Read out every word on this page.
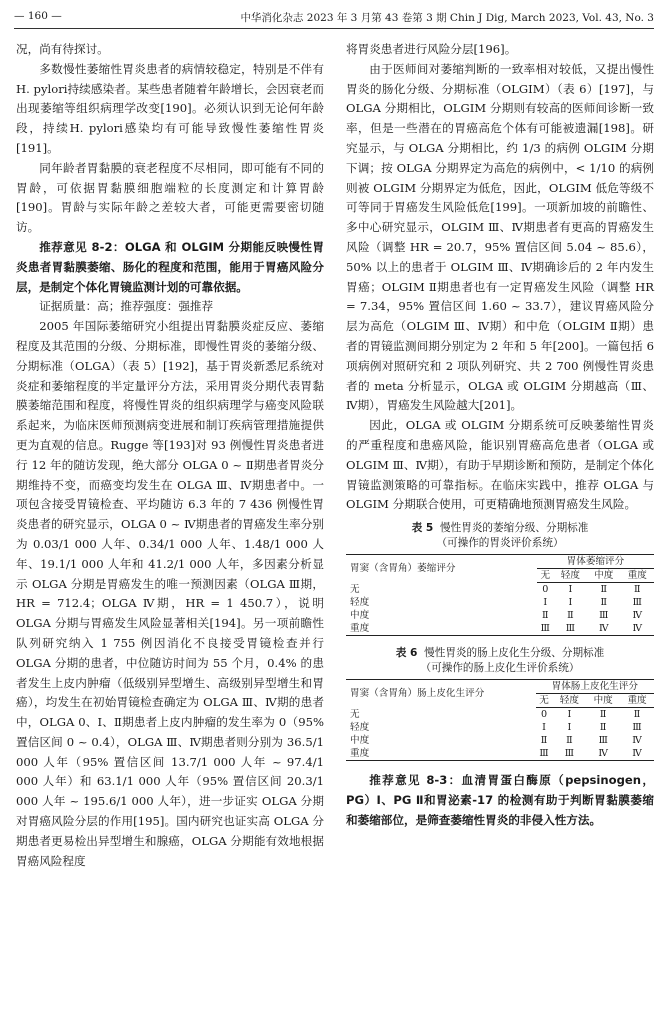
— 160 —	中华消化杂志 2023 年 3 月第 43 卷第 3 期 Chin J Dig, March 2023, Vol. 43, No. 3

况，尚有待探讨。

多数慢性萎缩性胃炎患者的病情较稳定，特别是不伴有H. pylori持续感染者。某些患者随着年龄增长，会因衰老而出现萎缩等组织病理学改变[190]。必须认识到无论何年龄段，持续H. pylori感染均有可能导致慢性萎缩性胃炎[191]。

同年龄者胃黏膜的衰老程度不尽相同，即可能有不同的胃龄，可依据胃黏膜细胞端粒的长度测定和计算胃龄[190]。胃龄与实际年龄之差较大者，可能更需要密切随访。

推荐意见 8-2：OLGA 和 OLGIM 分期能反映慢性胃炎患者胃黏膜萎缩、肠化的程度和范围，能用于胃癌风险分层，是制定个体化胃镜监测计划的可靠依据。

证据质量：高；推荐强度：强推荐

2005 年国际萎缩研究小组提出胃黏膜炎症反应、萎缩程度及其范围的分级、分期标准，即慢性胃炎的萎缩分级、分期标准（OLGA）（表 5）[192]，基于胃炎新悉尼系统对炎症和萎缩程度的半定量评分方法，采用胃炎分期代表胃黏膜萎缩范围和程度，将慢性胃炎的组织病理学与癌变风险联系起来，为临床医师预测病变进展和制订疾病管理措施提供更为直观的信息。Rugge 等[193]对 93 例慢性胃炎患者进行 12 年的随访发现，绝大部分 OLGA 0 ~ Ⅱ期患者胃炎分期维持不变，而癌变均发生在 OLGA Ⅲ、Ⅳ期患者中。一项包含接受胃镜检查、平均随访 6.3 年的 7 436 例慢性胃炎患者的研究显示，OLGA 0 ~ Ⅳ期患者的胃癌发生率分别为 0.03/1 000 人年、0.34/1 000 人年、1.48/1 000 人年、19.1/1 000 人年和 41.2/1 000 人年，多因素分析显示 OLGA 分期是胃癌发生的唯一预测因素（OLGA Ⅲ期，HR = 712.4；OLGA Ⅳ期，HR = 1 450.7），说明 OLGA 分期与胃癌发生风险显著相关[194]。另一项前瞻性队列研究纳入 1 755 例因消化不良接受胃镜检查并行 OLGA 分期的患者，中位随访时间为 55 个月，0.4% 的患者发生上皮内肿瘤（低级别异型增生、高级别异型增生和胃癌），均发生在初始胃镜检查确定为 OLGA Ⅲ、Ⅳ期的患者中，OLGA 0、Ⅰ、Ⅱ期患者上皮内肿瘤的发生率为 0（95% 置信区间 0 ~ 0.4），OLGA Ⅲ、Ⅳ期患者则分别为 36.5/1 000 人年（95% 置信区间 13.7/1 000 人年 ~ 97.4/1 000 人年）和 63.1/1 000 人年（95% 置信区间 20.3/1 000 人年 ~ 195.6/1 000 人年），进一步证实 OLGA 分期对胃癌风险分层的作用[195]。国内研究也证实高 OLGA 分期患者更易检出异型增生和腺癌，OLGA 分期能有效地根据胃癌风险程度

将胃炎患者进行风险分层[196]。

由于医师间对萎缩判断的一致率相对较低，又提出慢性胃炎的肠化分级、分期标准（OLGIM）（表 6）[197]，与 OLGA 分期相比，OLGIM 分期则有较高的医师间诊断一致率，但是一些潜在的胃癌高危个体有可能被遗漏[198]。研究显示，与 OLGA 分期相比，约 1/3 的病例 OLGIM 分期下调；按 OLGA 分期界定为高危的病例中，< 1/10 的病例则被 OLGIM 分期界定为低危，因此，OLGIM 低危等级不可等同于胃癌发生风险低危[199]。一项新加坡的前瞻性、多中心研究显示，OLGIM Ⅲ、Ⅳ期患者有更高的胃癌发生风险（调整 HR = 20.7，95% 置信区间 5.04 ~ 85.6），50% 以上的患者于 OLGIM Ⅲ、Ⅳ期确诊后的 2 年内发生胃癌；OLGIM Ⅱ期患者也有一定胃癌发生风险（调整 HR = 7.34，95% 置信区间 1.60 ~ 33.7），建议胃癌风险分层为高危（OLGIM Ⅲ、Ⅳ期）和中危（OLGIM Ⅱ期）患者的胃镜监测间期分别定为 2 年和 5 年[200]。一篇包括 6 项病例对照研究和 2 项队列研究、共 2 700 例慢性胃炎患者的 meta 分析显示，OLGA 或 OLGIM 分期越高（Ⅲ、Ⅳ期），胃癌发生风险越大[201]。

因此，OLGA 或 OLGIM 分期系统可反映萎缩性胃炎的严重程度和患癌风险，能识别胃癌高危患者（OLGA 或 OLGIM Ⅲ、Ⅳ期），有助于早期诊断和预防，是制定个体化胃镜监测策略的可靠指标。在临床实践中，推荐 OLGA 与 OLGIM 分期联合使用，可更精确地预测胃癌发生风险。

表 5 慢性胃炎的萎缩分级、分期标准
（可操作的胃炎评价系统）
胃窦（含胃角）萎缩评分	胃体萎缩评分			
	无	轻度	中度	重度
无	0	Ⅰ	Ⅱ	Ⅱ
轻度	Ⅰ	Ⅰ	Ⅱ	Ⅲ
中度	Ⅱ	Ⅱ	Ⅲ	Ⅳ
重度	Ⅲ	Ⅲ	Ⅳ	Ⅳ
表 6 慢性胃炎的肠上皮化生分级、分期标准
（可操作的肠上皮化生评价系统）
胃窦（含胃角）肠上皮化生评分	胃体肠上皮化生评分			
	无	轻度	中度	重度
无	0	Ⅰ	Ⅱ	Ⅱ
轻度	Ⅰ	Ⅰ	Ⅱ	Ⅲ
中度	Ⅱ	Ⅱ	Ⅲ	Ⅳ
重度	Ⅲ	Ⅲ	Ⅳ	Ⅳ

推荐意见 8-3：血清胃蛋白酶原（pepsinogen，PG）Ⅰ、PG Ⅱ和胃泌素-17 的检测有助于判断胃黏膜萎缩和萎缩部位，是筛查萎缩性胃炎的非侵入性方法。
